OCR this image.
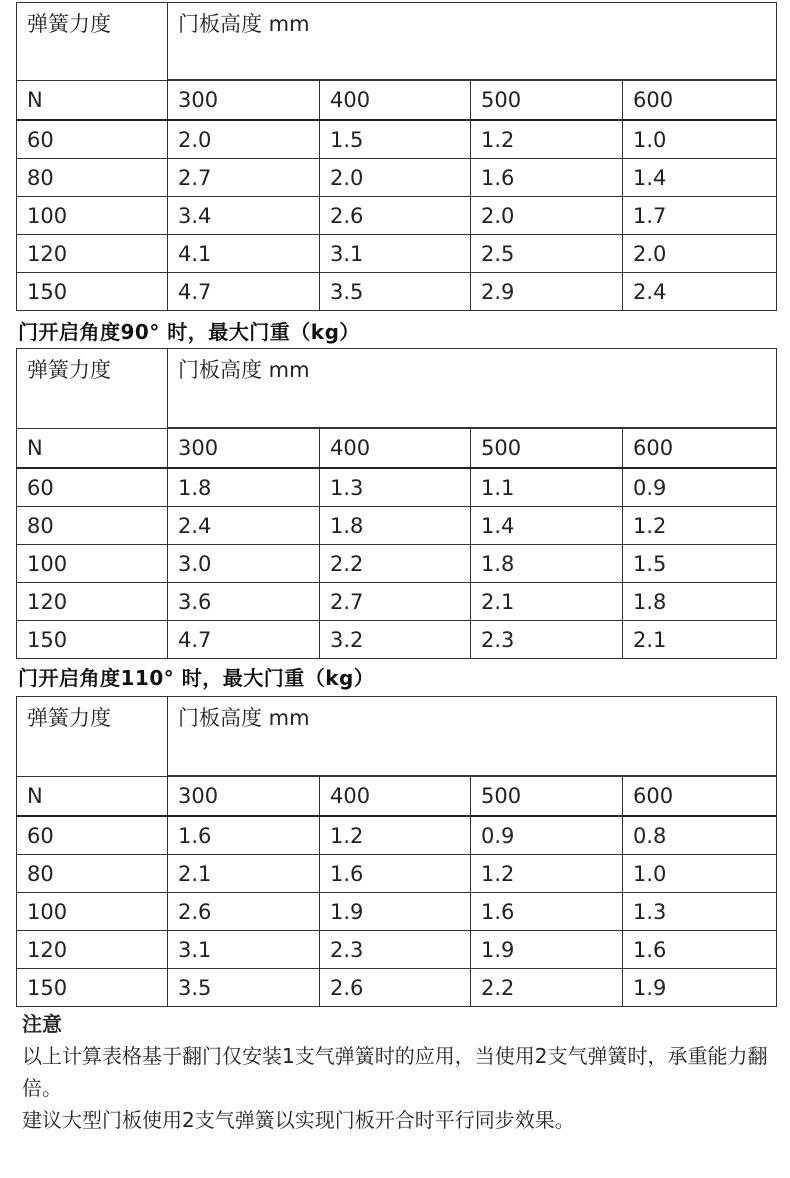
弹簧力度	门板高度 mm			

N	300	400	500	600
60	2.0	1.5	1.2	1.0
80	2.7	2.0	1.6	1.4
100	3.4	2.6	2.0	1.7
120	4.1	3.1	2.5	2.0
150	4.7	3.5	2.9	2.4
门开启角度90° 时，最大门重（kg）
弹簧力度	门板高度 mm			

N	300	400	500	600
60	1.8	1.3	1.1	0.9
80	2.4	1.8	1.4	1.2
100	3.0	2.2	1.8	1.5
120	3.6	2.7	2.1	1.8
150	4.7	3.2	2.3	2.1
门开启角度110° 时，最大门重（kg）
弹簧力度	门板高度 mm			

N	300	400	500	600
60	1.6	1.2	0.9	0.8
80	2.1	1.6	1.2	1.0
100	2.6	1.9	1.6	1.3
120	3.1	2.3	1.9	1.6
150	3.5	2.6	2.2	1.9
注意
以上计算表格基于翻门仅安装1支气弹簧时的应用，当使用2支气弹簧时，承重能力翻倍。
建议大型门板使用2支气弹簧以实现门板开合时平行同步效果。
